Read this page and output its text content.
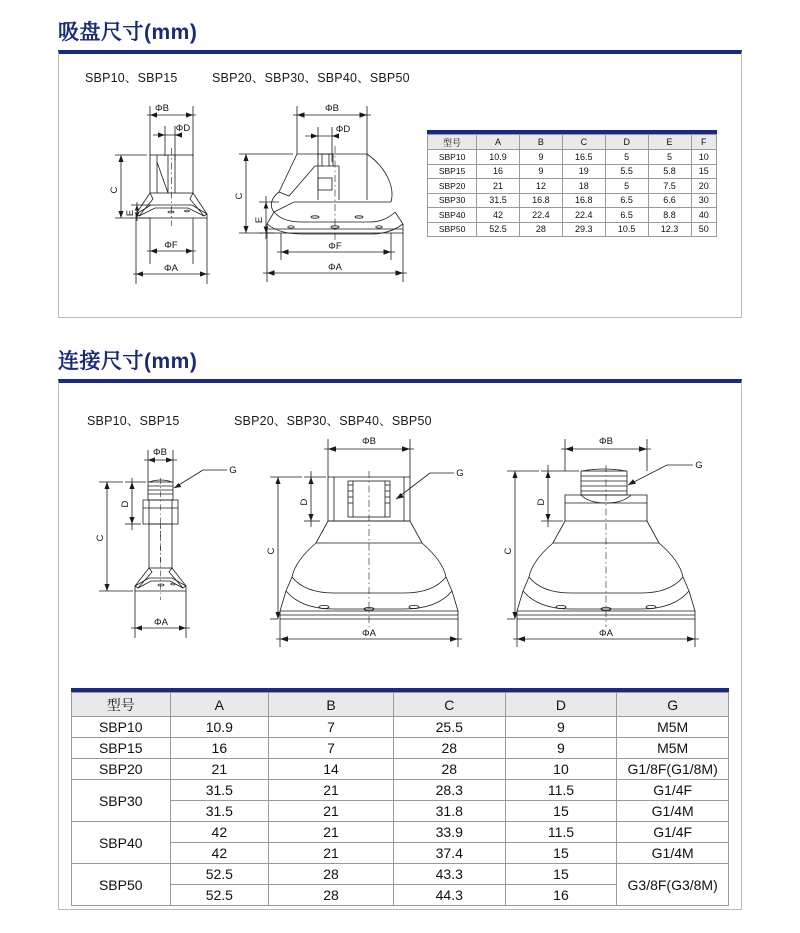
吸盘尺寸(mm)
SBP10、SBP15	SBP20、SBP30、SBP40、SBP50
ΦB
ΦD
ΦF
ΦA
C
E
ΦB
ΦD
ΦF
ΦA
C
E
型号	A	B	C	D	E	F
SBP10	10.9	9	16.5	5	5	10
SBP15	16	9	19	5.5	5.8	15
SBP20	21	12	18	5	7.5	20
SBP30	31.5	16.8	16.8	6.5	6.6	30
SBP40	42	22.4	22.4	6.5	8.8	40
SBP50	52.5	28	29.3	10.5	12.3	50
连接尺寸(mm)
SBP10、SBP15	SBP20、SBP30、SBP40、SBP50
ΦB
G
ΦA
C
D
ΦB
G
ΦA
C
D
ΦB
G
ΦA
C
D
型号	A	B	C	D	G
SBP10	10.9	7	25.5	9	M5M
SBP15	16	7	28	9	M5M
SBP20	21	14	28	10	G1/8F(G1/8M)
SBP30	31.5	21	28.3	11.5	G1/4F
	31.5	21	31.8	15	G1/4M
SBP40	42	21	33.9	11.5	G1/4F
	42	21	37.4	15	G1/4M
SBP50	52.5	28	43.3	15	G3/8F(G3/8M)
	52.5	28	44.3	16	
